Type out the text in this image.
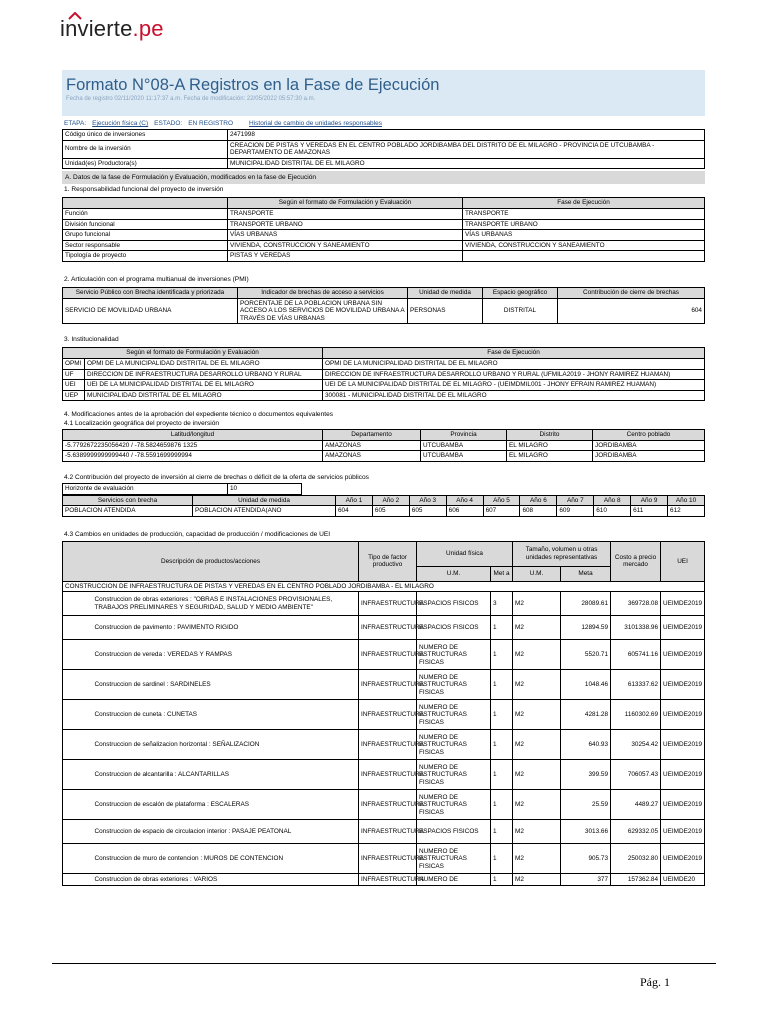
invierte.pe
Formato N°08-A Registros en la Fase de Ejecución
Fecha de registro 02/11/2020 11:17:37 a.m. Fecha de modificación: 22/05/2022 05:57:30 a.m.
ETAPA: Ejecución física (C) ESTADO: EN REGISTRO Historial de cambio de unidades responsables
Código único de inversiones	2471998
Nombre de la inversión	CREACION DE PISTAS Y VEREDAS EN EL CENTRO POBLADO JORDIBAMBA DEL DISTRITO DE EL MILAGRO - PROVINCIA DE UTCUBAMBA - DEPARTAMENTO DE AMAZONAS
Unidad(es) Productora(s)	MUNICIPALIDAD DISTRITAL DE EL MILAGRO
A. Datos de la fase de Formulación y Evaluación, modificados en la fase de Ejecución
1. Responsabilidad funcional del proyecto de inversión
	Según el formato de Formulación y Evaluación	Fase de Ejecución
Función	TRANSPORTE	TRANSPORTE
División funcional	TRANSPORTE URBANO	TRANSPORTE URBANO
Grupo funcional	VÍAS URBANAS	VÍAS URBANAS
Sector responsable	VIVIENDA, CONSTRUCCION Y SANEAMIENTO	VIVIENDA, CONSTRUCCION Y SANEAMIENTO
Tipología de proyecto	PISTAS Y VEREDAS	
2. Articulación con el programa multianual de inversiones (PMI)
Servicio Público con Brecha identificada y priorizada	Indicador de brechas de acceso a servicios	Unidad de medida	Espacio geográfico	Contribución de cierre de brechas
SERVICIO DE MOVILIDAD URBANA	PORCENTAJE DE LA POBLACION URBANA SIN ACCESO A LOS SERVICIOS DE MOVILIDAD URBANA A TRAVÉS DE VÍAS URBANAS	PERSONAS	DISTRITAL	604
3. Institucionalidad
Según el formato de Formulación y Evaluación		Fase de Ejecución
OPMI	OPMI DE LA MUNICIPALIDAD DISTRITAL DE EL MILAGRO	OPMI DE LA MUNICIPALIDAD DISTRITAL DE EL MILAGRO
UF	DIRECCION DE INFRAESTRUCTURA DESARROLLO URBANO Y RURAL	DIRECCION DE INFRAESTRUCTURA DESARROLLO URBANO Y RURAL (UFMILA2019 - JHONY RAMIREZ HUAMAN)
UEI	UEI DE LA MUNICIPALIDAD DISTRITAL DE EL MILAGRO	UEI DE LA MUNICIPALIDAD DISTRITAL DE EL MILAGRO - (UEIMDMIL001 - JHONY EFRAIN RAMIREZ HUAMAN)
UEP	MUNICIPALIDAD DISTRITAL DE EL MILAGRO	300081 - MUNICIPALIDAD DISTRITAL DE EL MILAGRO
4. Modificaciones antes de la aprobación del expediente técnico o documentos equivalentes
4.1 Localización geográfica del proyecto de inversión
Latitud/longitud	Departamento	Provincia	Distrito	Centro poblado
-5.7792672235056420 / -78.5824659876 1325	AMAZONAS	UTCUBAMBA	EL MILAGRO	JORDIBAMBA
-5.6389999999999440 / -78.5591699999994	AMAZONAS	UTCUBAMBA	EL MILAGRO	JORDIBAMBA
4.2 Contribución del proyecto de inversión al cierre de brechas o déficit de la oferta de servicios públicos
Horizonte de evaluación	10
Servicios con brecha	Unidad de medida	Año 1	Año 2	Año 3	Año 4	Año 5	Año 6	Año 7	Año 8	Año 9	Año 10
POBLACION ATENDIDA	POBLACION ATENDIDA(ANO	604	605	605	606	607	608	609	610	611	612
4.3 Cambios en unidades de producción, capacidad de producción / modificaciones de UEI
Descripción de productos/acciones		Tipo de factor productivo	Unidad física		Tamaño, volumen u otras unidades representativas		Costo a precio mercado	UEI
			U.M.	Met a	U.M.	Meta		
CONSTRUCCION DE INFRAESTRUCTURA DE PISTAS Y VEREDAS EN EL CENTRO POBLADO JORDIBAMBA - EL MILAGRO								
	Construccion de obras exteriores : "OBRAS E INSTALACIONES PROVISIONALES, TRABAJOS PRELIMINARES Y SEGURIDAD, SALUD Y MEDIO AMBIENTE"	INFRAESTRUCTURA	ESPACIOS FISICOS	3	M2	28089.61	369728.08	UEIMDE2019
	Construccion de pavimento : PAVIMENTO RIGIDO	INFRAESTRUCTURA	ESPACIOS FISICOS	1	M2	12894.59	3101338.96	UEIMDE2019
	Construccion de vereda : VEREDAS Y RAMPAS	INFRAESTRUCTURA	NUMERO DE ESTRUCTURAS FISICAS	1	M2	5520.71	605741.16	UEIMDE2019
	Construccion de sardinel : SARDINELES	INFRAESTRUCTURA	NUMERO DE ESTRUCTURAS FISICAS	1	M2	1048.46	613337.62	UEIMDE2019
	Construccion de cuneta : CUNETAS	INFRAESTRUCTURA	NUMERO DE ESTRUCTURAS FISICAS	1	M2	4281.28	1160302.69	UEIMDE2019
	Construccion de señalizacion horizontal : SEÑALIZACION	INFRAESTRUCTURA	NUMERO DE ESTRUCTURAS FISICAS	1	M2	640.93	30254.42	UEIMDE2019
	Construccion de alcantarilla : ALCANTARILLAS	INFRAESTRUCTURA	NUMERO DE ESTRUCTURAS FISICAS	1	M2	399.59	706057.43	UEIMDE2019
	Construccion de escalón de plataforma : ESCALERAS	INFRAESTRUCTURA	NUMERO DE ESTRUCTURAS FISICAS	1	M2	25.59	4489.27	UEIMDE2019
	Construccion de espacio de circulacion interior : PASAJE PEATONAL	INFRAESTRUCTURA	ESPACIOS FISICOS	1	M2	3013.66	629332.05	UEIMDE2019
	Construccion de muro de contencion : MUROS DE CONTENCION	INFRAESTRUCTURA	NUMERO DE ESTRUCTURAS FISICAS	1	M2	905.73	250032.80	UEIMDE2019
	Construccion de obras exteriores : VARIOS	INFRAESTRUCTURA	NUMERO DE	1	M2	377	157362.84	UEIMDE20
Pág. 1
